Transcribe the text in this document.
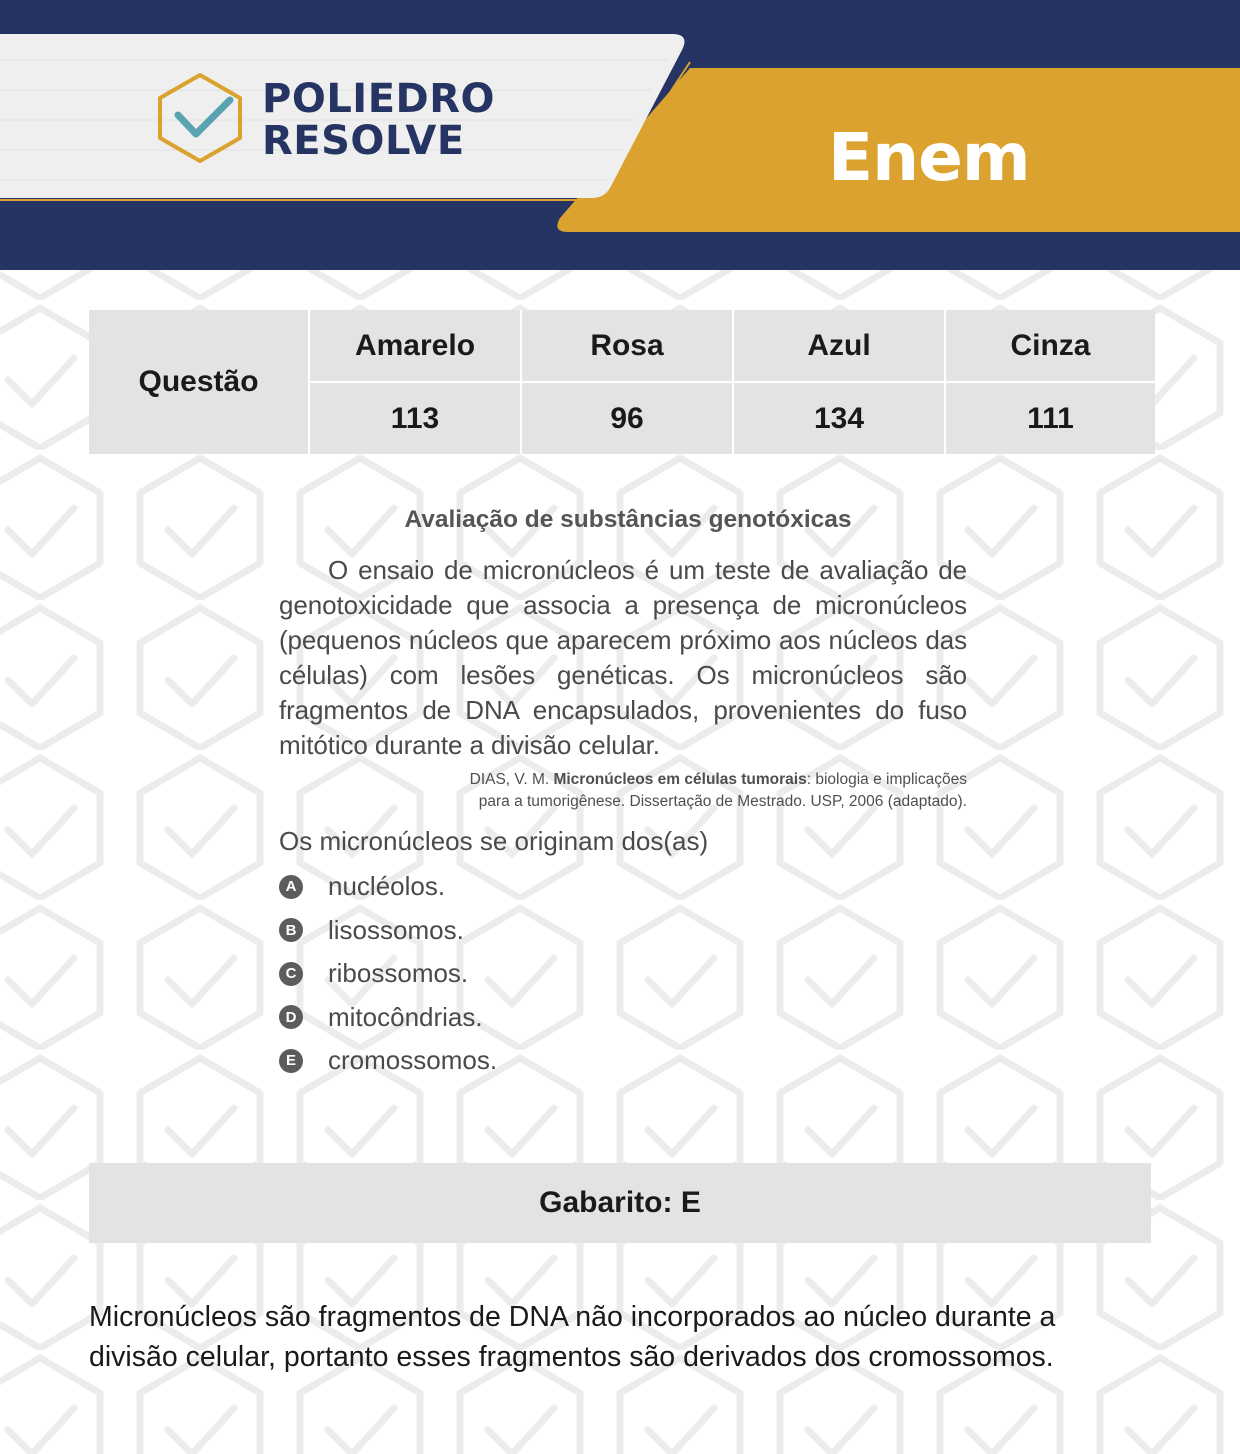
POLIEDRO
RESOLVE	Enem
Questão
Amarelo	Rosa	Azul	Cinza
113	96	134	111
Avaliação de substâncias genotóxicas

O ensaio de micronúcleos é um teste de avaliação de genotoxicidade que associa a presença de micronúcleos (pequenos núcleos que aparecem próximo aos núcleos das células) com lesões genéticas. Os micronúcleos são fragmentos de DNA encapsulados, provenientes do fuso mitótico durante a divisão celular.

DIAS, V. M. Micronúcleos em células tumorais: biologia e implicações
para a tumorigênese. Dissertação de Mestrado. USP, 2006 (adaptado).
Os micronúcleos se originam dos(as)
A nucléolos.
B lisossomos.
C ribossomos.
D mitocôndrias.
E cromossomos.
Gabarito: E
Micronúcleos são fragmentos de DNA não incorporados ao núcleo durante a
divisão celular, portanto esses fragmentos são derivados dos cromossomos.
